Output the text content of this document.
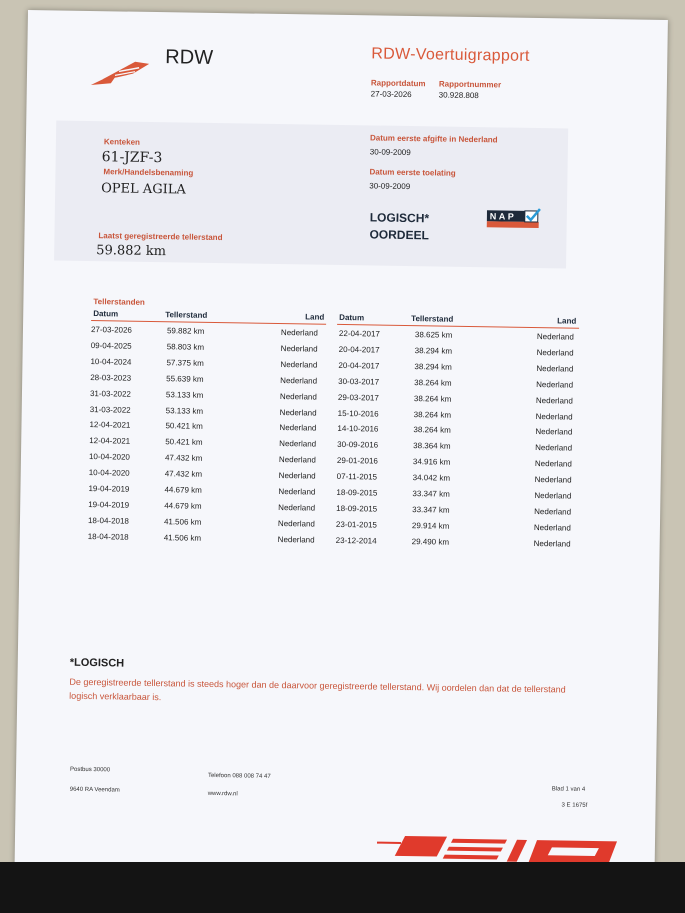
RDW	RDW-Voertuigrapport
Rapportdatum
27-03-2026
Rapportnummer
30.928.808
Kenteken
61-JZF-3
Merk/Handelsbenaming
OPEL AGILA
Laatst geregistreerde tellerstand
59.882 km
Datum eerste afgifte in Nederland
30-09-2009
Datum eerste toelating
30-09-2009
LOGISCH*
OORDEEL
NAP
Tellerstanden
Datum	Tellerstand	Land Datum	Tellerstand	Land
27-03-2026	59.882 km	Nederland
09-04-2025	58.803 km	Nederland
10-04-2024	57.375 km	Nederland
28-03-2023	55.639 km	Nederland
31-03-2022	53.133 km	Nederland
31-03-2022	53.133 km	Nederland
12-04-2021	50.421 km	Nederland
12-04-2021	50.421 km	Nederland
10-04-2020	47.432 km	Nederland
10-04-2020	47.432 km	Nederland
19-04-2019	44.679 km	Nederland
19-04-2019	44.679 km	Nederland
18-04-2018	41.506 km	Nederland
18-04-2018	41.506 km	Nederland
22-04-2017	38.625 km	Nederland
20-04-2017	38.294 km	Nederland
20-04-2017	38.294 km	Nederland
30-03-2017	38.264 km	Nederland
29-03-2017	38.264 km	Nederland
15-10-2016	38.264 km	Nederland
14-10-2016	38.264 km	Nederland
30-09-2016	38.364 km	Nederland
29-01-2016	34.916 km	Nederland
07-11-2015	34.042 km	Nederland
18-09-2015	33.347 km	Nederland
18-09-2015	33.347 km	Nederland
23-01-2015	29.914 km	Nederland
23-12-2014	29.490 km	Nederland
*LOGISCH
De geregistreerde tellerstand is steeds hoger dan de daarvoor geregistreerde tellerstand. Wij oordelen dan dat de tellerstand logisch verklaarbaar is.
Postbus 30000
9640 RA Veendam
Telefoon 088 008 74 47
www.rdw.nl
Blad 1 van 4
3 E 1675f
